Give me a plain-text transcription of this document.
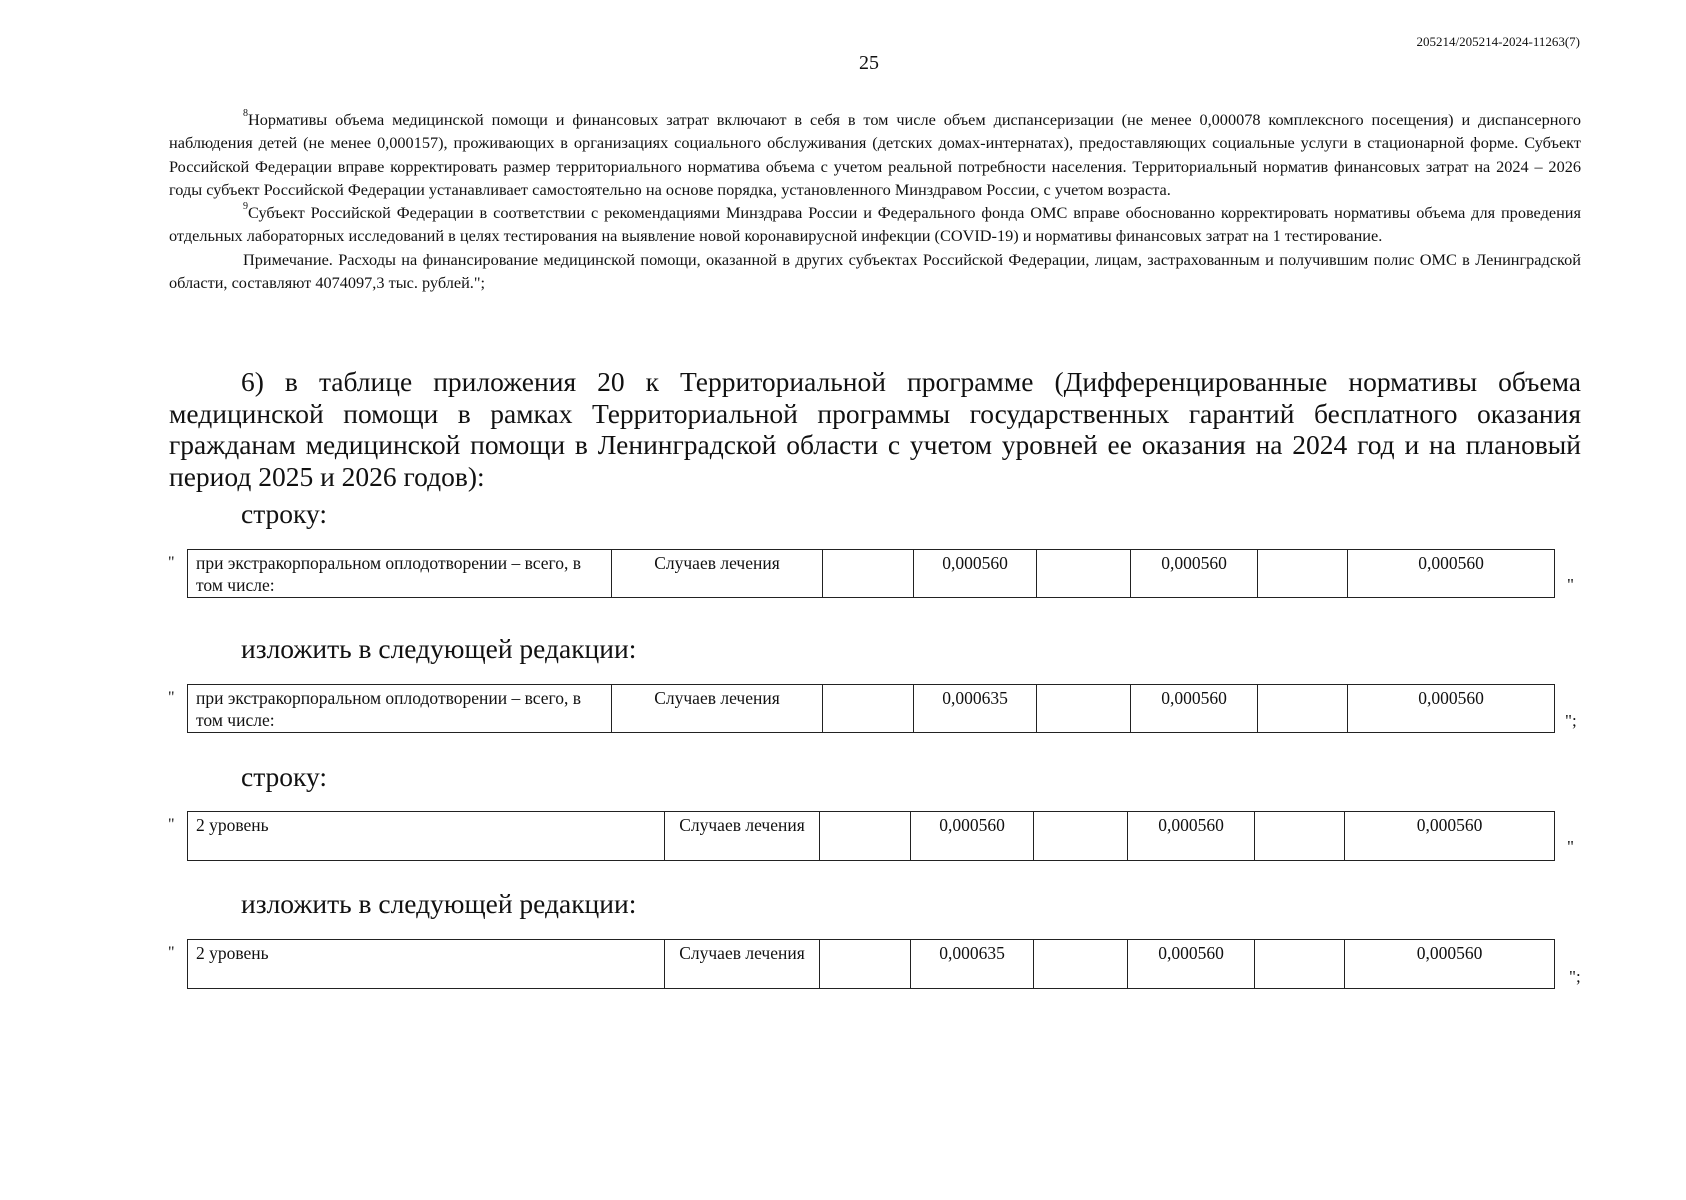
205214/205214-2024-11263(7)
25

$^8$Нормативы объема медицинской помощи и финансовых затрат включают в себя в том числе объем диспансеризации (не менее 0,000078 комплексного посещения) и диспансерного наблюдения детей (не менее 0,000157), проживающих в организациях социального обслуживания (детских домах-интернатах), предоставляющих социальные услуги в стационарной форме. Субъект Российской Федерации вправе корректировать размер территориального норматива объема с учетом реальной потребности населения. Территориальный норматив финансовых затрат на 2024 – 2026 годы субъект Российской Федерации устанавливает самостоятельно на основе порядка, установленного Минздравом России, с учетом возраста.

$^9$Субъект Российской Федерации в соответствии с рекомендациями Минздрава России и Федерального фонда ОМС вправе обоснованно корректировать нормативы объема для проведения отдельных лабораторных исследований в целях тестирования на выявление новой коронавирусной инфекции (COVID-19) и нормативы финансовых затрат на 1 тестирование.

Примечание. Расходы на финансирование медицинской помощи, оказанной в других субъектах Российской Федерации, лицам, застрахованным и получившим полис ОМС в Ленинградской области, составляют 4074097,3 тыс. рублей.";

6) в таблице приложения 20 к Территориальной программе (Дифференцированные нормативы объема медицинской помощи в рамках Территориальной программы государственных гарантий бесплатного оказания гражданам медицинской помощи в Ленинградской области с учетом уровней ее оказания на 2024 год и на плановый период 2025 и 2026 годов):

строку:
" при экстракорпоральном оплодотворении – всего, в том числе:	Случаев лечения		0,000560		0,000560		0,000560
"
изложить в следующей редакции:
" при экстракорпоральном оплодотворении – всего, в том числе:	Случаев лечения		0,000635		0,000560		0,000560
";
строку:
" 2 уровень	Случаев лечения		0,000560		0,000560		0,000560
"
изложить в следующей редакции:
" 2 уровень	Случаев лечения		0,000635		0,000560		0,000560
";
